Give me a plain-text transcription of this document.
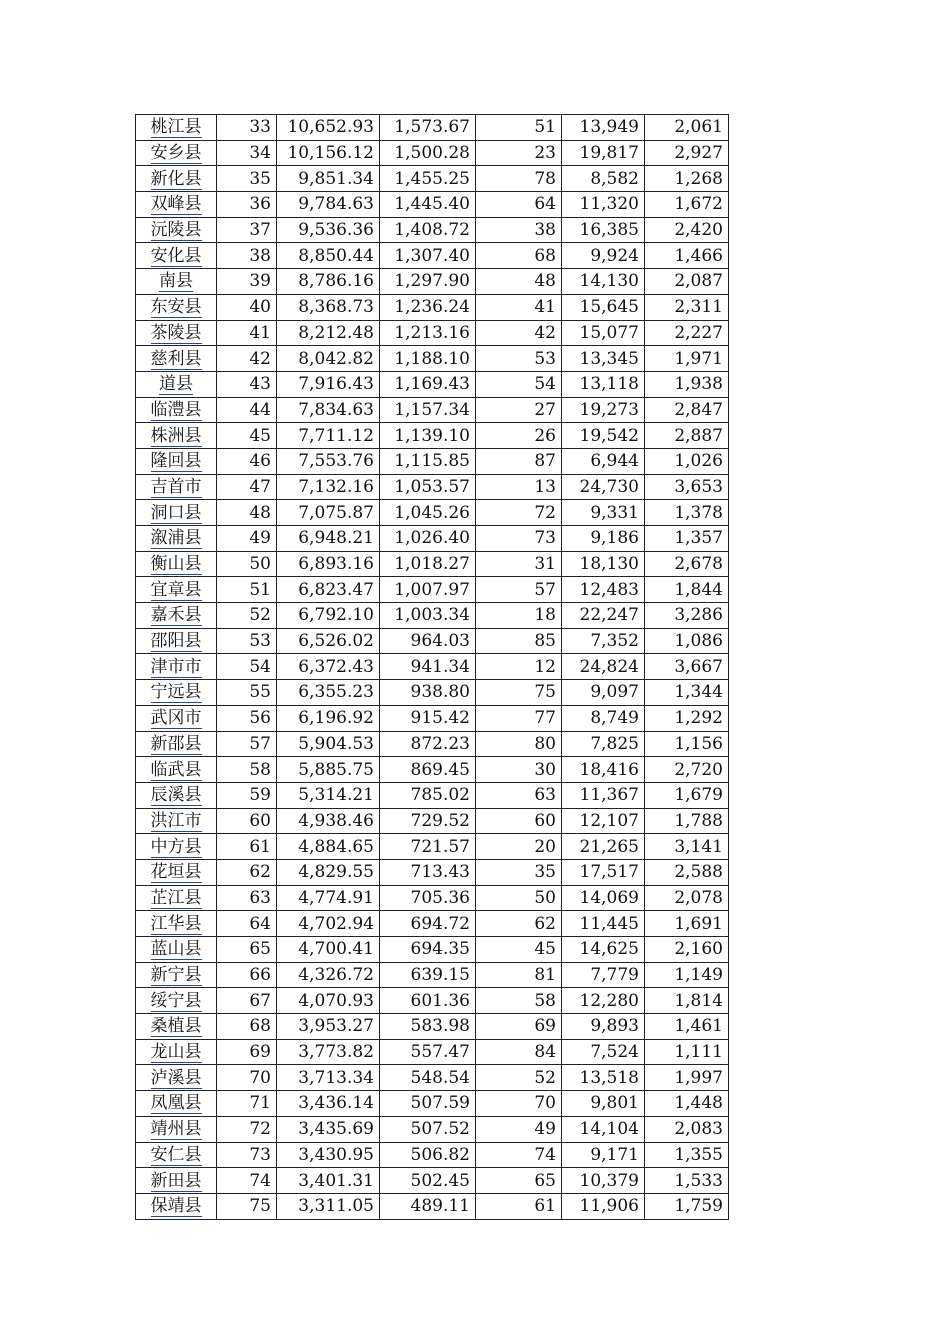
桃江县	33	10,652.93	1,573.67	51	13,949	2,061
安乡县	34	10,156.12	1,500.28	23	19,817	2,927
新化县	35	9,851.34	1,455.25	78	8,582	1,268
双峰县	36	9,784.63	1,445.40	64	11,320	1,672
沅陵县	37	9,536.36	1,408.72	38	16,385	2,420
安化县	38	8,850.44	1,307.40	68	9,924	1,466
南县	39	8,786.16	1,297.90	48	14,130	2,087
东安县	40	8,368.73	1,236.24	41	15,645	2,311
茶陵县	41	8,212.48	1,213.16	42	15,077	2,227
慈利县	42	8,042.82	1,188.10	53	13,345	1,971
道县	43	7,916.43	1,169.43	54	13,118	1,938
临澧县	44	7,834.63	1,157.34	27	19,273	2,847
株洲县	45	7,711.12	1,139.10	26	19,542	2,887
隆回县	46	7,553.76	1,115.85	87	6,944	1,026
吉首市	47	7,132.16	1,053.57	13	24,730	3,653
洞口县	48	7,075.87	1,045.26	72	9,331	1,378
溆浦县	49	6,948.21	1,026.40	73	9,186	1,357
衡山县	50	6,893.16	1,018.27	31	18,130	2,678
宜章县	51	6,823.47	1,007.97	57	12,483	1,844
嘉禾县	52	6,792.10	1,003.34	18	22,247	3,286
邵阳县	53	6,526.02	964.03	85	7,352	1,086
津市市	54	6,372.43	941.34	12	24,824	3,667
宁远县	55	6,355.23	938.80	75	9,097	1,344
武冈市	56	6,196.92	915.42	77	8,749	1,292
新邵县	57	5,904.53	872.23	80	7,825	1,156
临武县	58	5,885.75	869.45	30	18,416	2,720
辰溪县	59	5,314.21	785.02	63	11,367	1,679
洪江市	60	4,938.46	729.52	60	12,107	1,788
中方县	61	4,884.65	721.57	20	21,265	3,141
花垣县	62	4,829.55	713.43	35	17,517	2,588
芷江县	63	4,774.91	705.36	50	14,069	2,078
江华县	64	4,702.94	694.72	62	11,445	1,691
蓝山县	65	4,700.41	694.35	45	14,625	2,160
新宁县	66	4,326.72	639.15	81	7,779	1,149
绥宁县	67	4,070.93	601.36	58	12,280	1,814
桑植县	68	3,953.27	583.98	69	9,893	1,461
龙山县	69	3,773.82	557.47	84	7,524	1,111
泸溪县	70	3,713.34	548.54	52	13,518	1,997
凤凰县	71	3,436.14	507.59	70	9,801	1,448
靖州县	72	3,435.69	507.52	49	14,104	2,083
安仁县	73	3,430.95	506.82	74	9,171	1,355
新田县	74	3,401.31	502.45	65	10,379	1,533
保靖县	75	3,311.05	489.11	61	11,906	1,759
